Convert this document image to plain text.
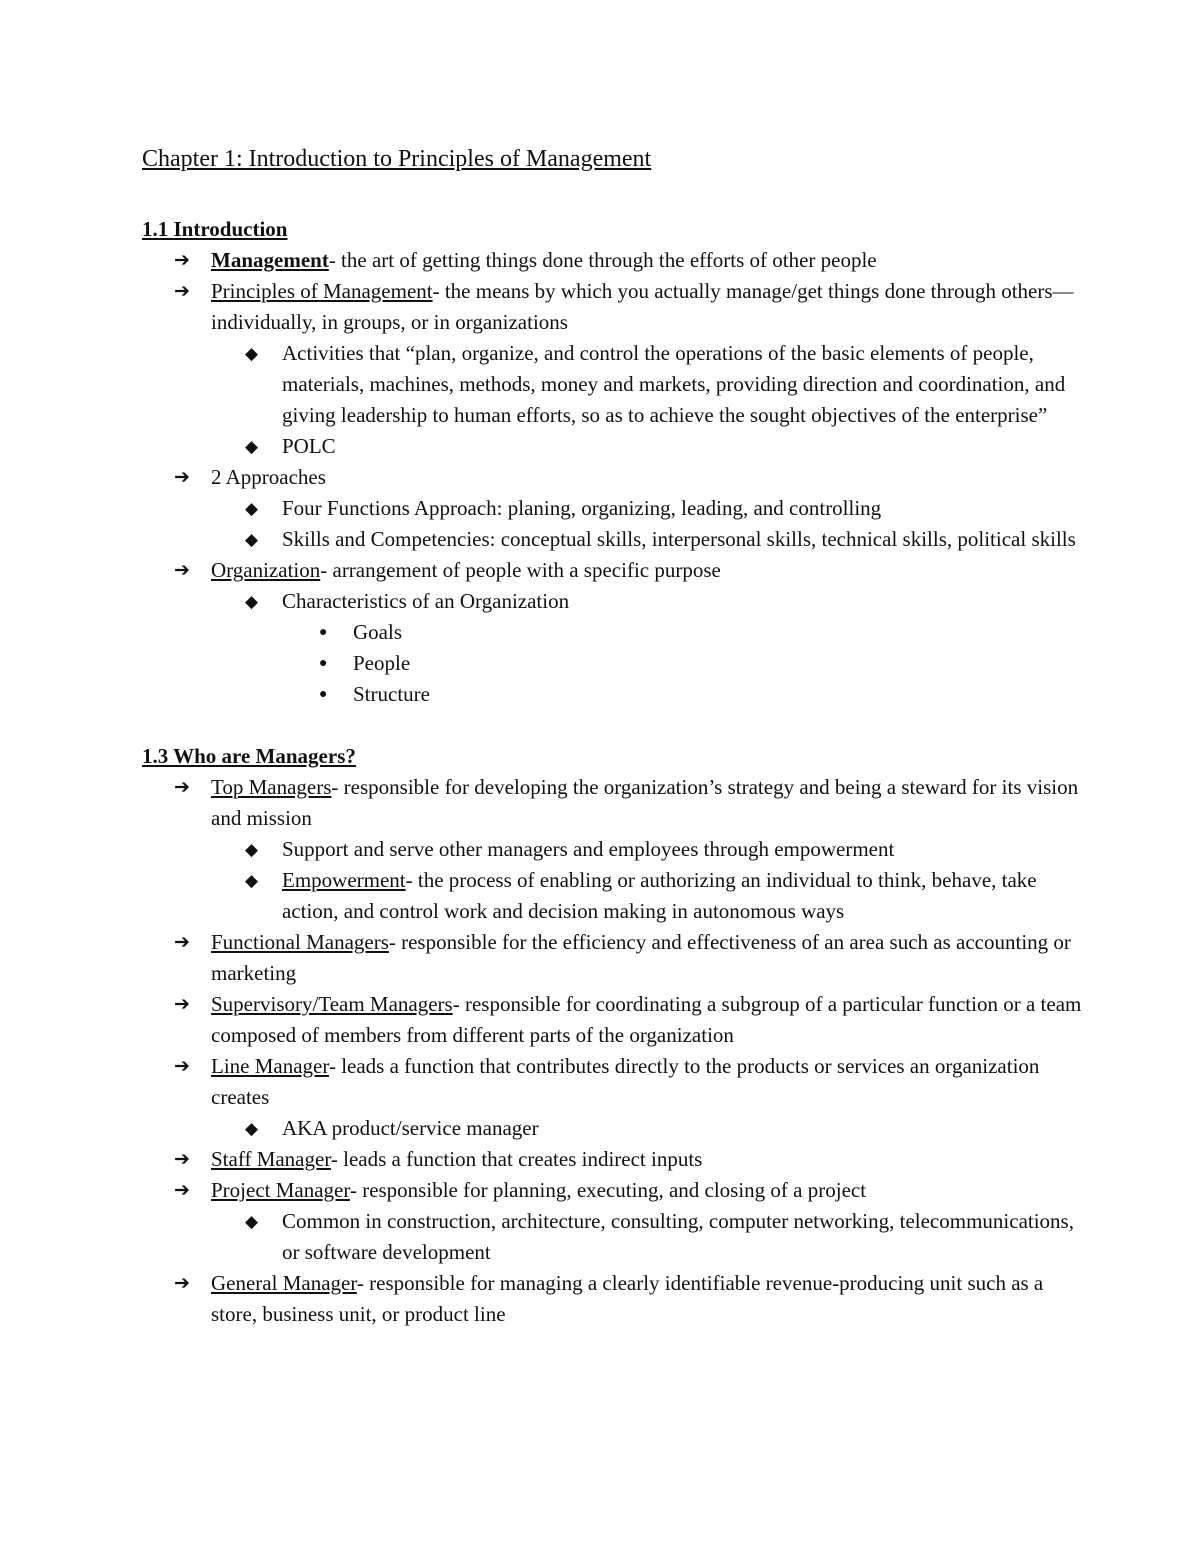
Chapter 1: Introduction to Principles of Management
1.1 Introduction
➔ Management- the art of getting things done through the efforts of other people
➔ Principles of Management- the means by which you actually manage/get things done through others—individually, in groups, or in organizations
◆ Activities that “plan, organize, and control the operations of the basic elements of people, materials, machines, methods, money and markets, providing direction and coordination, and giving leadership to human efforts, so as to achieve the sought objectives of the enterprise”
◆ POLC
➔ 2 Approaches
◆ Four Functions Approach: planing, organizing, leading, and controlling
◆ Skills and Competencies: conceptual skills, interpersonal skills, technical skills, political skills
➔ Organization- arrangement of people with a specific purpose
◆ Characteristics of an Organization
● Goals
● People
● Structure
1.3 Who are Managers?
➔ Top Managers- responsible for developing the organization’s strategy and being a steward for its vision and mission
◆ Support and serve other managers and employees through empowerment
◆ Empowerment- the process of enabling or authorizing an individual to think, behave, take action, and control work and decision making in autonomous ways
➔ Functional Managers- responsible for the efficiency and effectiveness of an area such as accounting or marketing
➔ Supervisory/Team Managers- responsible for coordinating a subgroup of a particular function or a team composed of members from different parts of the organization
➔ Line Manager- leads a function that contributes directly to the products or services an organization creates
◆ AKA product/service manager
➔ Staff Manager- leads a function that creates indirect inputs
➔ Project Manager- responsible for planning, executing, and closing of a project
◆ Common in construction, architecture, consulting, computer networking, telecommunications, or software development
➔ General Manager- responsible for managing a clearly identifiable revenue-producing unit such as a store, business unit, or product line
